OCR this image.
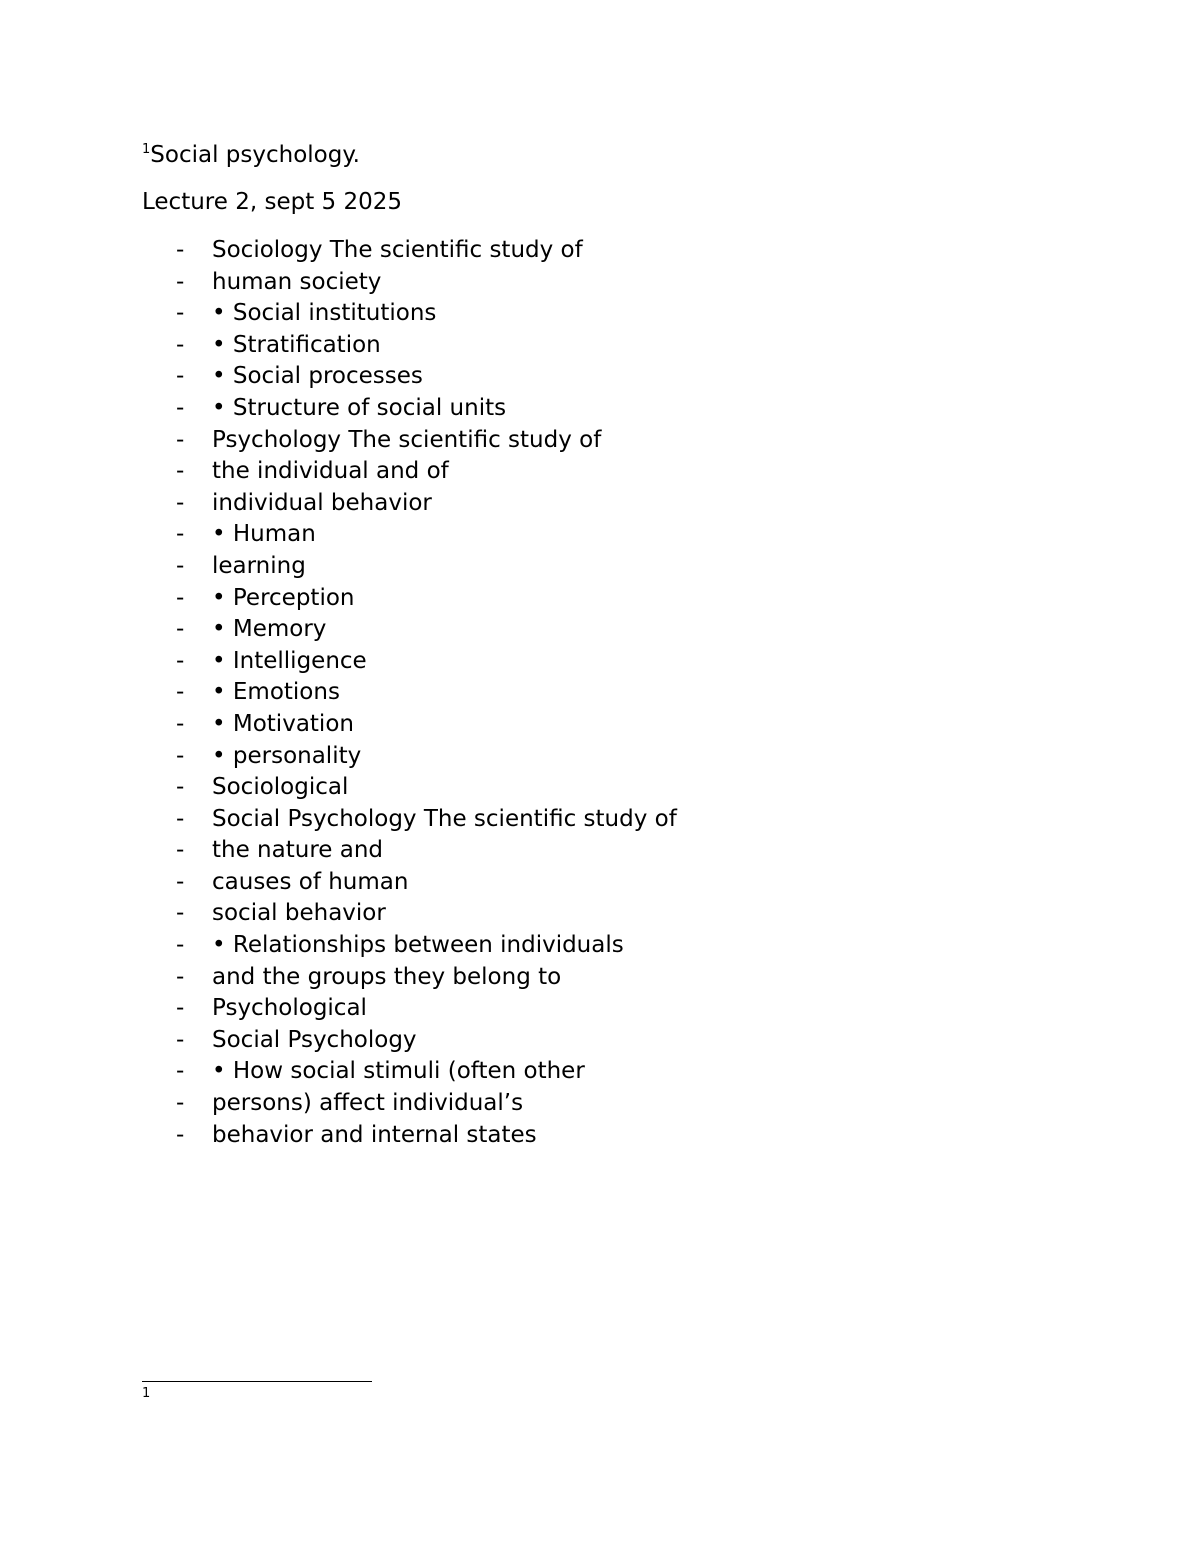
$^1$Social psychology.
Lecture 2, sept 5 2025
- Sociology The scientific study of
- human society
- • Social institutions
- • Stratification
- • Social processes
- • Structure of social units
- Psychology The scientific study of
- the individual and of
- individual behavior
- • Human
- learning
- • Perception
- • Memory
- • Intelligence
- • Emotions
- • Motivation
- • personality
- Sociological
- Social Psychology The scientific study of
- the nature and
- causes of human
- social behavior
- • Relationships between individuals
- and the groups they belong to
- Psychological
- Social Psychology
- • How social stimuli (often other
- persons) affect individual’s
- behavior and internal states
1
